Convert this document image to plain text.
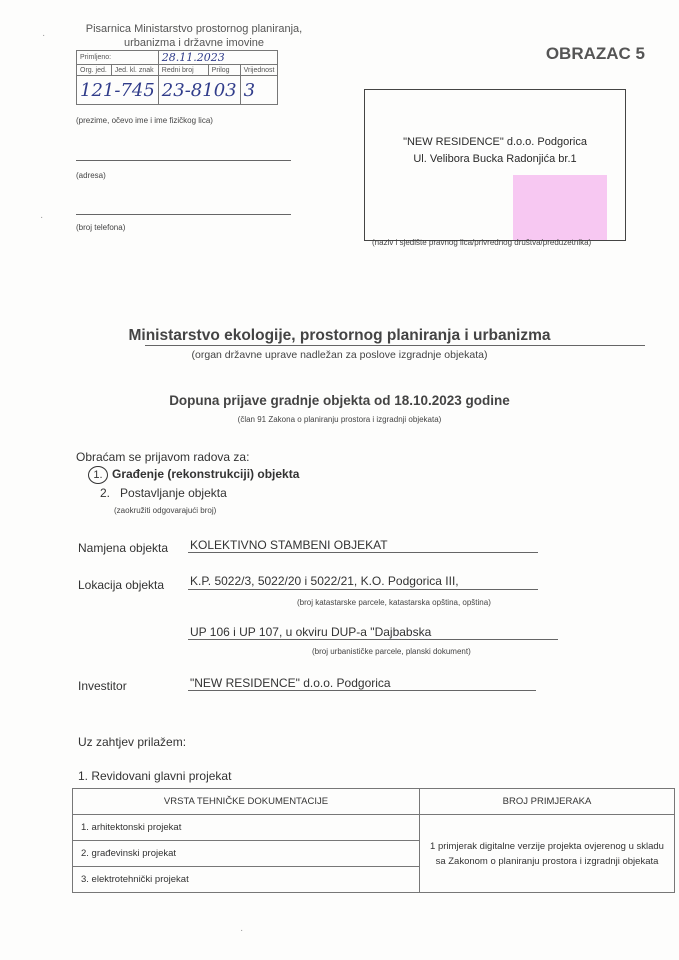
Pisarnica Ministarstvo prostornog planiranja,
urbanizma i državne imovine
Primljeno:		28.11.2023		
Org. jed.	Jed. kl. znak	Redni broj	Prilog	Vrijednost
121-745		23-8103		3
OBRAZAC 5
(prezime, očevo ime i ime fizičkog lica)
(adresa)
(broj telefona)
"NEW RESIDENCE" d.o.o. Podgorica
Ul. Velibora Bucka Radonjića br.1
(naziv i sjedište pravnog lica/privrednog društva/preduzetnika)
Ministarstvo ekologije, prostornog planiranja i urbanizma
(organ državne uprave nadležan za poslove izgradnje objekata)
Dopuna prijave gradnje objekta od 18.10.2023 godine
(član 91 Zakona o planiranju prostora i izgradnji objekata)
Obraćam se prijavom radova za:
1. Građenje (rekonstrukciji) objekta
2. Postavljanje objekta
(zaokružiti odgovarajući broj)
Namjena objekta KOLEKTIVNO STAMBENI OBJEKAT
Lokacija objekta K.P. 5022/3, 5022/20 i 5022/21, K.O. Podgorica III,
(broj katastarske parcele, katastarska opština, opština)
UP 106 i UP 107, u okviru DUP-a "Dajbabska
(broj urbanističke parcele, planski dokument)
Investitor	"NEW RESIDENCE" d.o.o. Podgorica
Uz zahtjev prilažem:
1. Revidovani glavni projekat
VRSTA TEHNIČKE DOKUMENTACIJE	BROJ PRIMJERAKA
1. arhitektonski projekat	1 primjerak digitalne verzije projekta ovjerenog u skladu
sa Zakonom o planiranju prostora i izgradnji objekata

2. građevinski projekat	
3. elektrotehnički projekat	
·
·
·
